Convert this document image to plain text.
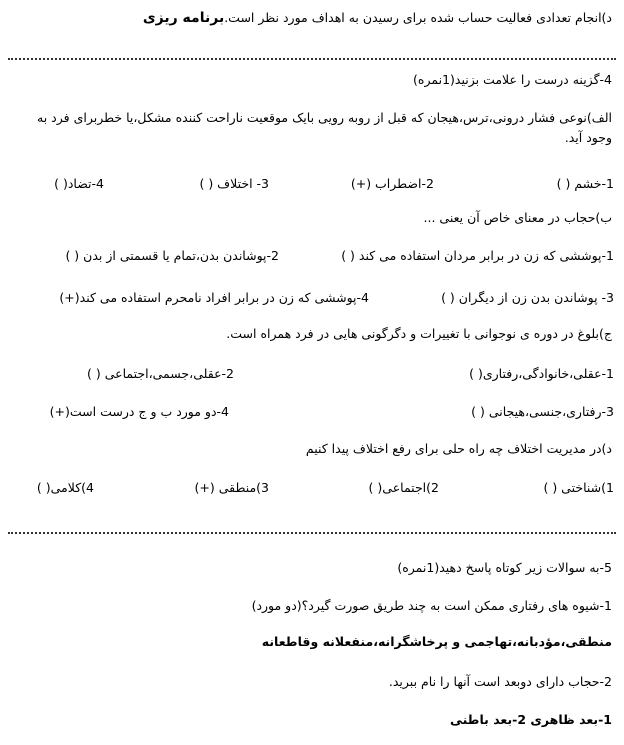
د)انجام تعدادی فعالیت حساب شده برای رسیدن به اهداف مورد نظر است.برنامه ریزی
4-گزینه درست را علامت بزنید(1نمره)
الف)نوعی فشار درونی،ترس،هیجان که قبل از روبه رویی بایک موقعیت ناراحت کننده مشکل،یا خطربرای فرد به وجود آید.
1-خشم ( )
2-اضطراب (+)
3- اختلاف ( )
4-تضاد( )
ب)حجاب در معنای خاص آن یعنی ...
1-پوششی که زن در برابر مردان استفاده می کند ( )
2-پوشاندن بدن،تمام یا قسمتی از بدن ( )
3- پوشاندن بدن زن از دیگران ( )
4-پوششی که زن در برابر افراد نامحرم استفاده می کند(+)
ج)بلوغ در دوره ی نوجوانی با تغییرات و دگرگونی هایی در فرد همراه است.
1-عقلی،خانوادگی،رفتاری( )
2-عقلی،جسمی،اجتماعی ( )
3-رفتاری،جنسی،هیجانی ( )
4-دو مورد ب و ج درست است(+)
د)در مدیریت اختلاف چه راه حلی برای رفع اختلاف پیدا کنیم
1)شناختی ( )
2)اجتماعی( )
3)منطقی (+)
4)کلامی( )
5-به سوالات زیر کوتاه پاسخ دهید(1نمره)
1-شیوه های رفتاری ممکن است به چند طریق صورت گیرد؟(دو مورد)
منطقی،مؤدبانه،تهاجمی و پرخاشگرانه،منفعلانه وقاطعانه
2-حجاب دارای دوبعد است آنها را نام ببرید.
1-بعد ظاهری 2-بعد باطنی
